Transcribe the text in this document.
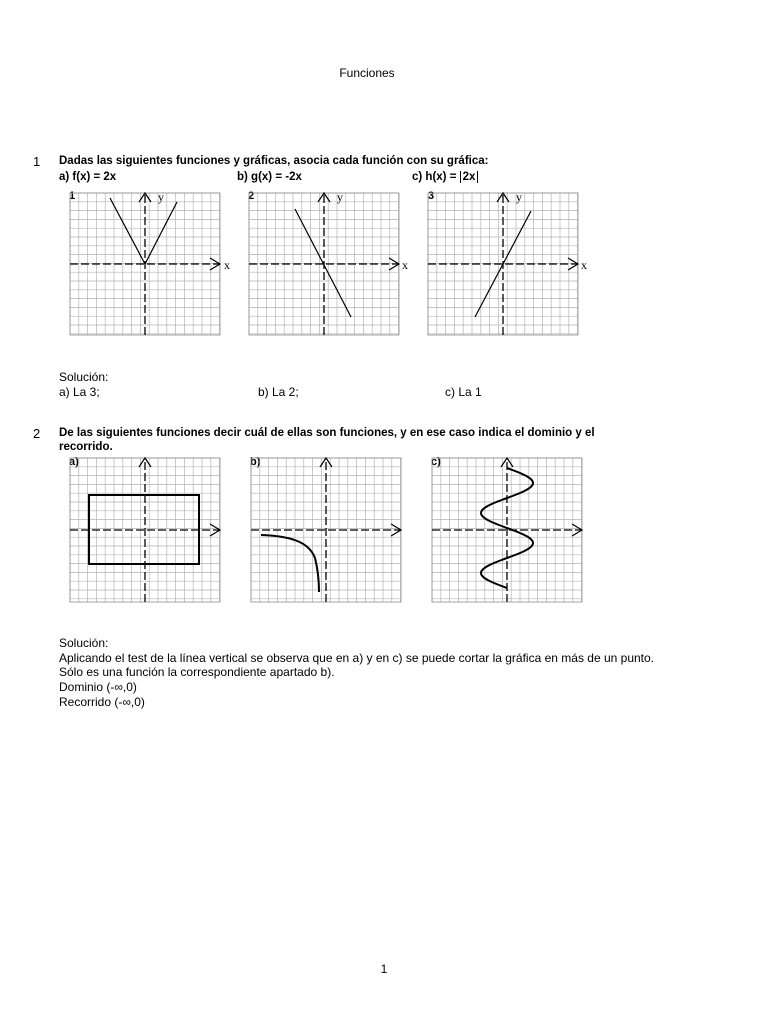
Funciones
1 Dadas las siguientes funciones y gráficas, asocia cada función con su gráfica:
a) f(x) = 2x	b) g(x) = -2x	c) h(x) = 2x
1	2	3
x
y
x
y
x
y
Solución:
a) La 3;	b) La 2;	c) La 1
2 De las siguientes funciones decir cuál de ellas son funciones, y en ese caso indica el dominio y el
recorrido.
a)	b)	c)
Solución:
Aplicando el test de la línea vertical se observa que en a) y en c) se puede cortar la gráfica en más de un punto.
Sólo es una función la correspondiente apartado b).
Dominio (-∞,0)
Recorrido (-∞,0)
1
